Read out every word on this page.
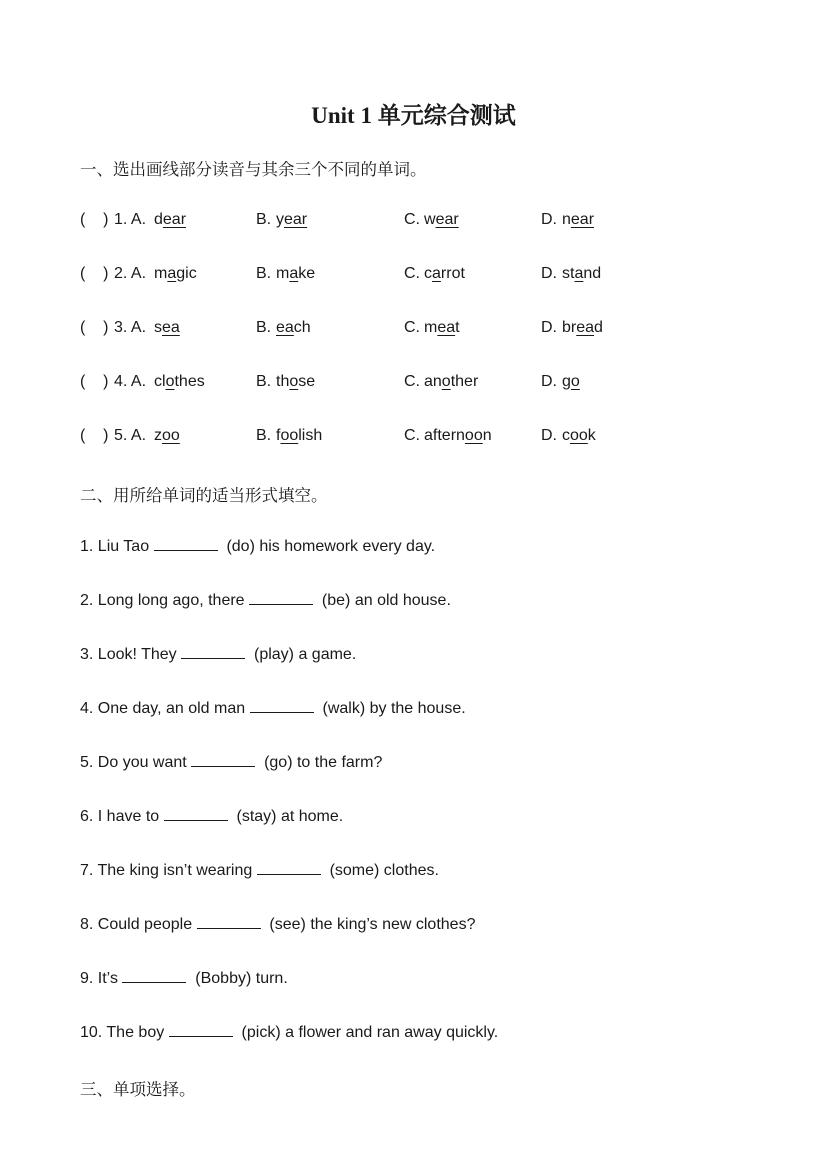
Unit 1 单元综合测试
一、选出画线部分读音与其余三个不同的单词。
(    ) 1. A. dear	B. year	C. wear	D. near
(    ) 2. A. magic	B. make	C. carrot	D. stand
(    ) 3. A. sea	B. each	C. meat	D. bread
(    ) 4. A. clothes	B. those	C. another	D. go
(    ) 5. A. zoo	B. foolish	C. afternoon	D. cook
二、用所给单词的适当形式填空。
1. Liu Tao	(do) his homework every day.
2. Long long ago, there	(be) an old house.
3. Look! They	(play) a game.
4. One day, an old man	(walk) by the house.
5. Do you want	(go) to the farm?
6. I have to	(stay) at home.
7. The king isn’t wearing	(some) clothes.
8. Could people	(see) the king’s new clothes?
9. It’s	(Bobby) turn.
10. The boy	(pick) a flower and ran away quickly.
三、单项选择。
